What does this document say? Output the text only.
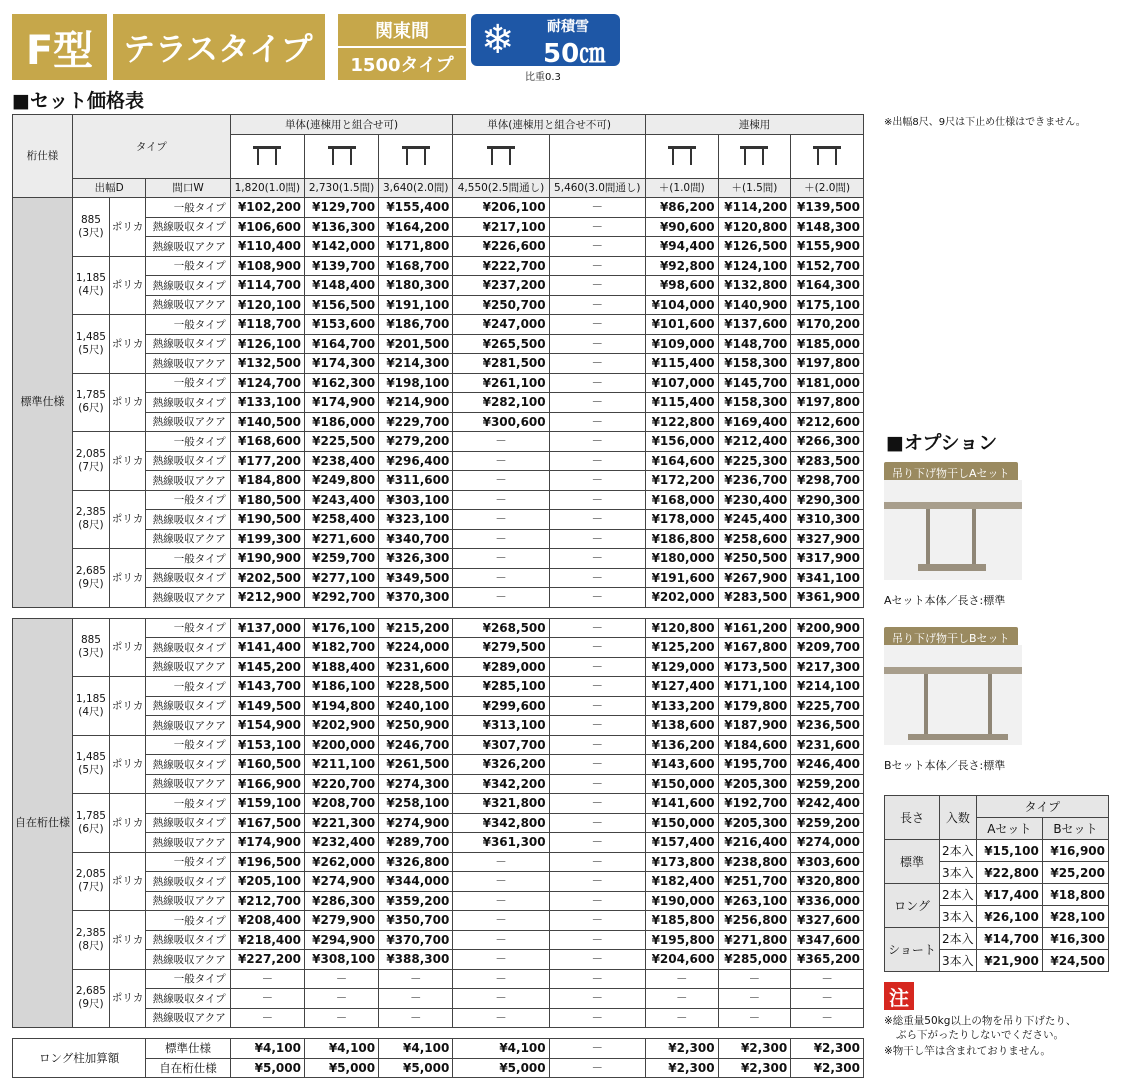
F型 テラスタイプ	関東間
1500タイプ
❄ 耐積雪
50㎝
比重0.3
■セット価格表
※出幅8尺、9尺は下止め仕様はできません。
桁仕様	タイプ			単体(連棟用と組合せ可)			単体(連棟用と組合せ不可)		連棟用		

	出幅D		間口W	1,820(1.0間)	2,730(1.5間)	3,640(2.0間)	4,550(2.5間通し)	5,460(3.0間通し)	＋(1.0間)	＋(1.5間)	＋(2.0間)
標準仕様	885
(3尺)	ポリカ	一般タイプ	¥102,200	¥129,700	¥155,400	¥206,100	－	¥86,200	¥114,200	¥139,500
			熱線吸収タイプ	¥106,600	¥136,300	¥164,200	¥217,100	－	¥90,600	¥120,800	¥148,300
			熱線吸収アクア	¥110,400	¥142,000	¥171,800	¥226,600	－	¥94,400	¥126,500	¥155,900

	1,185
(4尺)	ポリカ	一般タイプ	¥108,900	¥139,700	¥168,700	¥222,700	－	¥92,800	¥124,100	¥152,700
			熱線吸収タイプ	¥114,700	¥148,400	¥180,300	¥237,200	－	¥98,600	¥132,800	¥164,300
			熱線吸収アクア	¥120,100	¥156,500	¥191,100	¥250,700	－	¥104,000	¥140,900	¥175,100

	1,485
(5尺)	ポリカ	一般タイプ	¥118,700	¥153,600	¥186,700	¥247,000	－	¥101,600	¥137,600	¥170,200
			熱線吸収タイプ	¥126,100	¥164,700	¥201,500	¥265,500	－	¥109,000	¥148,700	¥185,000
			熱線吸収アクア	¥132,500	¥174,300	¥214,300	¥281,500	－	¥115,400	¥158,300	¥197,800

	1,785
(6尺)	ポリカ	一般タイプ	¥124,700	¥162,300	¥198,100	¥261,100	－	¥107,000	¥145,700	¥181,000
			熱線吸収タイプ	¥133,100	¥174,900	¥214,900	¥282,100	－	¥115,400	¥158,300	¥197,800
			熱線吸収アクア	¥140,500	¥186,000	¥229,700	¥300,600	－	¥122,800	¥169,400	¥212,600

	2,085
(7尺)	ポリカ	一般タイプ	¥168,600	¥225,500	¥279,200	－	－	¥156,000	¥212,400	¥266,300
			熱線吸収タイプ	¥177,200	¥238,400	¥296,400	－	－	¥164,600	¥225,300	¥283,500
			熱線吸収アクア	¥184,800	¥249,800	¥311,600	－	－	¥172,200	¥236,700	¥298,700

	2,385
(8尺)	ポリカ	一般タイプ	¥180,500	¥243,400	¥303,100	－	－	¥168,000	¥230,400	¥290,300
			熱線吸収タイプ	¥190,500	¥258,400	¥323,100	－	－	¥178,000	¥245,400	¥310,300
			熱線吸収アクア	¥199,300	¥271,600	¥340,700	－	－	¥186,800	¥258,600	¥327,900

	2,685
(9尺)	ポリカ	一般タイプ	¥190,900	¥259,700	¥326,300	－	－	¥180,000	¥250,500	¥317,900
			熱線吸収タイプ	¥202,500	¥277,100	¥349,500	－	－	¥191,600	¥267,900	¥341,100
			熱線吸収アクア	¥212,900	¥292,700	¥370,300	－	－	¥202,000	¥283,500	¥361,900

自在桁仕様	885
(3尺)	ポリカ	一般タイプ	¥137,000	¥176,100	¥215,200	¥268,500	－	¥120,800	¥161,200	¥200,900
			熱線吸収タイプ	¥141,400	¥182,700	¥224,000	¥279,500	－	¥125,200	¥167,800	¥209,700
			熱線吸収アクア	¥145,200	¥188,400	¥231,600	¥289,000	－	¥129,000	¥173,500	¥217,300

	1,185
(4尺)	ポリカ	一般タイプ	¥143,700	¥186,100	¥228,500	¥285,100	－	¥127,400	¥171,100	¥214,100
			熱線吸収タイプ	¥149,500	¥194,800	¥240,100	¥299,600	－	¥133,200	¥179,800	¥225,700
			熱線吸収アクア	¥154,900	¥202,900	¥250,900	¥313,100	－	¥138,600	¥187,900	¥236,500

	1,485
(5尺)	ポリカ	一般タイプ	¥153,100	¥200,000	¥246,700	¥307,700	－	¥136,200	¥184,600	¥231,600
			熱線吸収タイプ	¥160,500	¥211,100	¥261,500	¥326,200	－	¥143,600	¥195,700	¥246,400
			熱線吸収アクア	¥166,900	¥220,700	¥274,300	¥342,200	－	¥150,000	¥205,300	¥259,200

	1,785
(6尺)	ポリカ	一般タイプ	¥159,100	¥208,700	¥258,100	¥321,800	－	¥141,600	¥192,700	¥242,400
			熱線吸収タイプ	¥167,500	¥221,300	¥274,900	¥342,800	－	¥150,000	¥205,300	¥259,200
			熱線吸収アクア	¥174,900	¥232,400	¥289,700	¥361,300	－	¥157,400	¥216,400	¥274,000

	2,085
(7尺)	ポリカ	一般タイプ	¥196,500	¥262,000	¥326,800	－	－	¥173,800	¥238,800	¥303,600
			熱線吸収タイプ	¥205,100	¥274,900	¥344,000	－	－	¥182,400	¥251,700	¥320,800
			熱線吸収アクア	¥212,700	¥286,300	¥359,200	－	－	¥190,000	¥263,100	¥336,000

	2,385
(8尺)	ポリカ	一般タイプ	¥208,400	¥279,900	¥350,700	－	－	¥185,800	¥256,800	¥327,600
			熱線吸収タイプ	¥218,400	¥294,900	¥370,700	－	－	¥195,800	¥271,800	¥347,600
			熱線吸収アクア	¥227,200	¥308,100	¥388,300	－	－	¥204,600	¥285,000	¥365,200

	2,685
(9尺)	ポリカ	一般タイプ	－	－	－	－	－	－	－	－
			熱線吸収タイプ	－	－	－	－	－	－	－	－
			熱線吸収アクア	－	－	－	－	－	－	－	－

ロング柱加算額			標準仕様	¥4,100	¥4,100	¥4,100	¥4,100	－	¥2,300	¥2,300	¥2,300
			自在桁仕様	¥5,000	¥5,000	¥5,000	¥5,000	－	¥2,300	¥2,300	¥2,300
■オプション
吊り下げ物干しAセット
Aセット本体／長さ:標準
吊り下げ物干しBセット
Bセット本体／長さ:標準
長さ	入数	タイプ	
		Aセット	Bセット
標準	2本入	¥15,100	¥16,900
	3本入	¥22,800	¥25,200
ロング	2本入	¥17,400	¥18,800
	3本入	¥26,100	¥28,100
ショート	2本入	¥14,700	¥16,300
	3本入	¥21,900	¥24,500
注
※総重量50kg以上の物を吊り下げたり、
ぶら下がったりしないでください。
※物干し竿は含まれておりません。
